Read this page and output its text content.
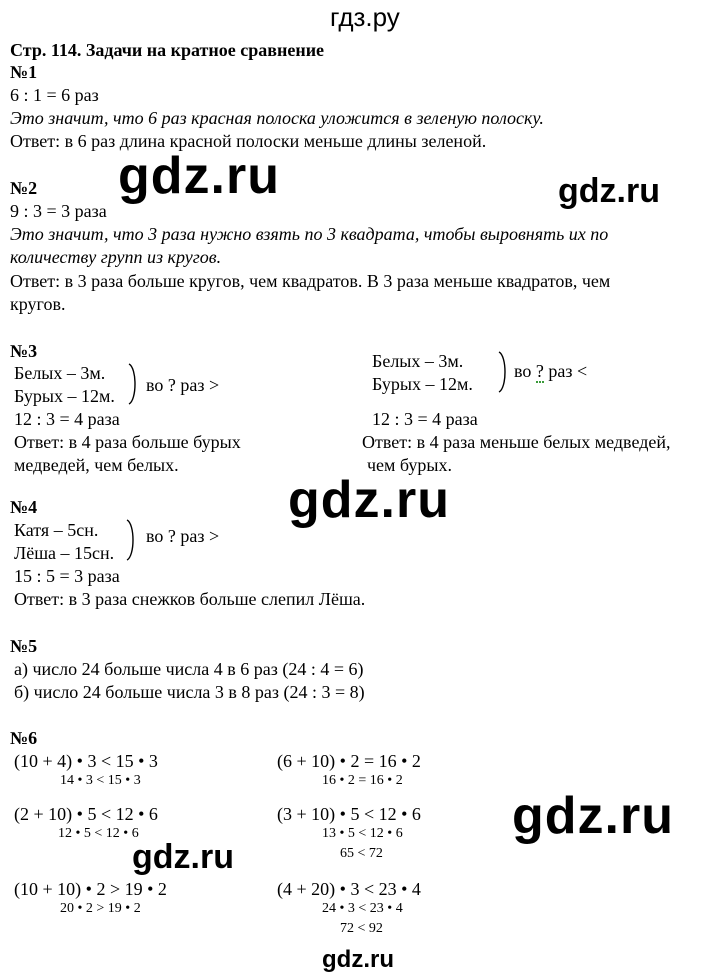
гдз.ру
Стр. 114. Задачи на кратное сравнение
№1
6 : 1 = 6 раз
Это значит, что 6 раз красная полоска уложится в зеленую полоску.
Ответ: в 6 раз длина красной полоски меньше длины зеленой.
gdz.ru	gdz.ru
№2
9 : 3 = 3 раза
Это значит, что 3 раза нужно взять по 3 квадрата, чтобы выровнять их по
количеству групп из кругов.
Ответ: в 3 раза больше кругов, чем квадратов. В 3 раза меньше квадратов, чем
кругов.
№3
Белых – 3м.
Бурых – 12м.
во ? раз >
12 : 3 = 4 раза
Ответ: в 4 раза больше бурых
медведей, чем белых.
Белых – 3м.
Бурых – 12м.
во ? раз <
12 : 3 = 4 раза
Ответ: в 4 раза меньше белых медведей,
чем бурых.
gdz.ru
№4
Катя – 5сн.
Лёша – 15сн.
во ? раз >
15 : 5 = 3 раза
Ответ: в 3 раза снежков больше слепил Лёша.
№5
а) число 24 больше числа 4 в 6 раз (24 : 4 = 6)
б) число 24 больше числа 3 в 8 раз (24 : 3 = 8)
№6
(10 + 4) • 3 < 15 • 3
14 • 3 < 15 • 3
(6 + 10) • 2 = 16 • 2
16 • 2 = 16 • 2
(2 + 10) • 5 < 12 • 6
12 • 5 < 12 • 6
(3 + 10) • 5 < 12 • 6
13 • 5 < 12 • 6
65 < 72
(10 + 10) • 2 > 19 • 2
20 • 2 > 19 • 2
(4 + 20) • 3 < 23 • 4
24 • 3 < 23 • 4
72 < 92
gdz.ru
gdz.ru
gdz.ru
